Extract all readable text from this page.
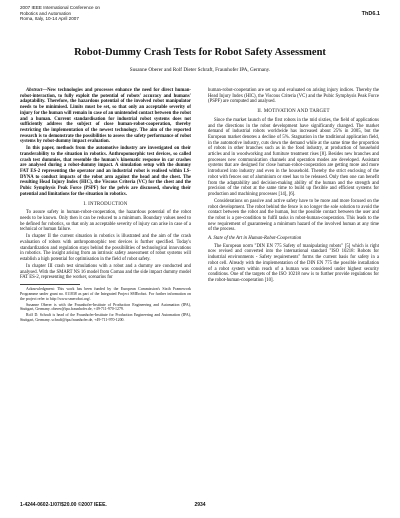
2007 IEEE International Conference on
Robotics and Automation
Roma, Italy, 10-14 April 2007
ThD6.1
Robot-Dummy Crash Tests for Robot Safety Assessment
Susanne Oberer and Rolf Dieter Schraft, Fraunhofer IPA, Germany.

Abstract—New technologies and processes enhance the need for direct human-robot-interaction, to fully exploit the potential of robots' accuracy and humans' adaptability. Therefore, the hazardous potential of the involved robot manipulator needs to be minimised. Limits must be set, so that only an acceptable severity of injury for the human will remain in case of an unintended contact between the robot and a human. Current standardisation for industrial robot systems does not sufficiently address the subject of close human-robot-cooperation, thereby restricting the implementation of the newest technology. The aim of the reported research is to demonstrate the possibilities to assess the safety performance of robot systems by robot-dummy impact evaluation.

In this paper, methods from the automotive industry are investigated on their transferability to the situation in robotics. Anthropomorphic test devices, so called crash test dummies, that resemble the human's kinematic response in car crashes are analysed during a robot-dummy impact. A simulation setup with the dummy FAT ES-2 representing the operator and an industrial robot is realised within LS-DYNA to conduct impacts of the robot arm against the head and the chest. The resulting Head Injury Index (HIC), the Viscous Criteria (VC) for the chest and the Pubic Symphysis Peak Force (PSPF) for the pelvis are discussed, showing their potential and limitations for the situation in robotics.

I. INTRODUCTION

To assure safety in human-robot-cooperation, the hazardous potential of the robot needs to be known. Only then it can be reduced to a minimum. Boundary values need to be defined for robotics, so that only an acceptable severity of injury can arise in case of a technical or human failure.

In chapter II the current situation in robotics is illustrated and the aim of the crash evaluation of robots with anthropomorphic test devices is further specified. Today's standardization and regulation stays behind the possibilities of technological innovations in robotics. The insight arising from an intrinsic safety assessment of robot systems will establish a high potential for optimisation in the field of robot safety.

In chapter III crash test simulations with a robot and a dummy are conducted and analysed. With the SMART NS 16 model from Comau and the side impact dummy model FAT ES-2, representing the worker, scenarios for

Acknowledgment: This work has been funded by the European Commission's Sixth Framework Programme under grant no. 011838 as part of the Integrated Project SMErobot. For further information on the project refer to http://www.smerobot.org/.

Susanne Oberer is with the Fraunhofer-Institute of Production Engineering and Automation (IPA), Stuttgart, Germany. oberer@ipa.fraunhofer.de, +49-711-970-1279.

Rolf D. Schraft is head of the Fraunhofer-Institute for Production Engineering and Automation (IPA), Stuttgart, Germany. schraft@ipa.fraunhofer.de, +49-711-970-1200.

human-robot-cooperation are set up and evaluated on arising injury indices. Thereby the Head Injury Index (HIC), the Viscous Criteria (VC) and the Pubic Symphysis Peak Force (PSPF) are computed and analysed.

II. MOTIVATION AND TARGET

Since the market launch of the first robots in the mid sixties, the field of applications and the directions in the robot development have significantly changed. The market demand of industrial robots worldwide has increased about 25% in 2005, but the European market denotes a decline of 5%. Stagnation in the traditional application field, in the automotive industry, cuts down the demand while at the same time the proportion of robots in other branches such as in the food industry, at production of household articles and in woodworking and furniture treatment rises [8]. Besides new branches and processes new communication channels and operation modes are developed. Assistant systems that are designed for close human-robot-cooperation are getting more and more introduced into industry and even in the household. Thereby the strict enclosing of the robot with fences out of aluminium or steel has to be released. Only then one can benefit from the adaptability and decision-making ability of the human and the strength and precision of the robot at the same time to build up flexible and efficient systems for production and machining processes [14], [6].

Considerations on passive and active safety have to be more and more focused on the robot development. The robot behind the fence is no longer the sole solution to avoid the contact between the robot and the human, but the possible contact between the user and the robot is a pre-condition to fulfil tasks in robot-human-cooperation. This leads to the new requirement of guaranteeing a minimum hazard of the involved human at any time of the process.

A. State of the Art in Human-Robot-Cooperation

The European norm "DIN EN 775 Safety of manipulating robots" [5] which is right now revised and converted into the international standard "ISO 10218: Robots for industrial environments - Safety requirements" forms the current basis for safety in a robot cell. Already with the implementation of the DIN EN 775 the possible installation of a robot system within reach of a human was considered under highest security conditions. One of the targets of the ISO 10218 now is to further provide regulations for the robot-human-cooperation [10].

1-4244-0602-1/07/$20.00 ©2007 IEEE.	2934
